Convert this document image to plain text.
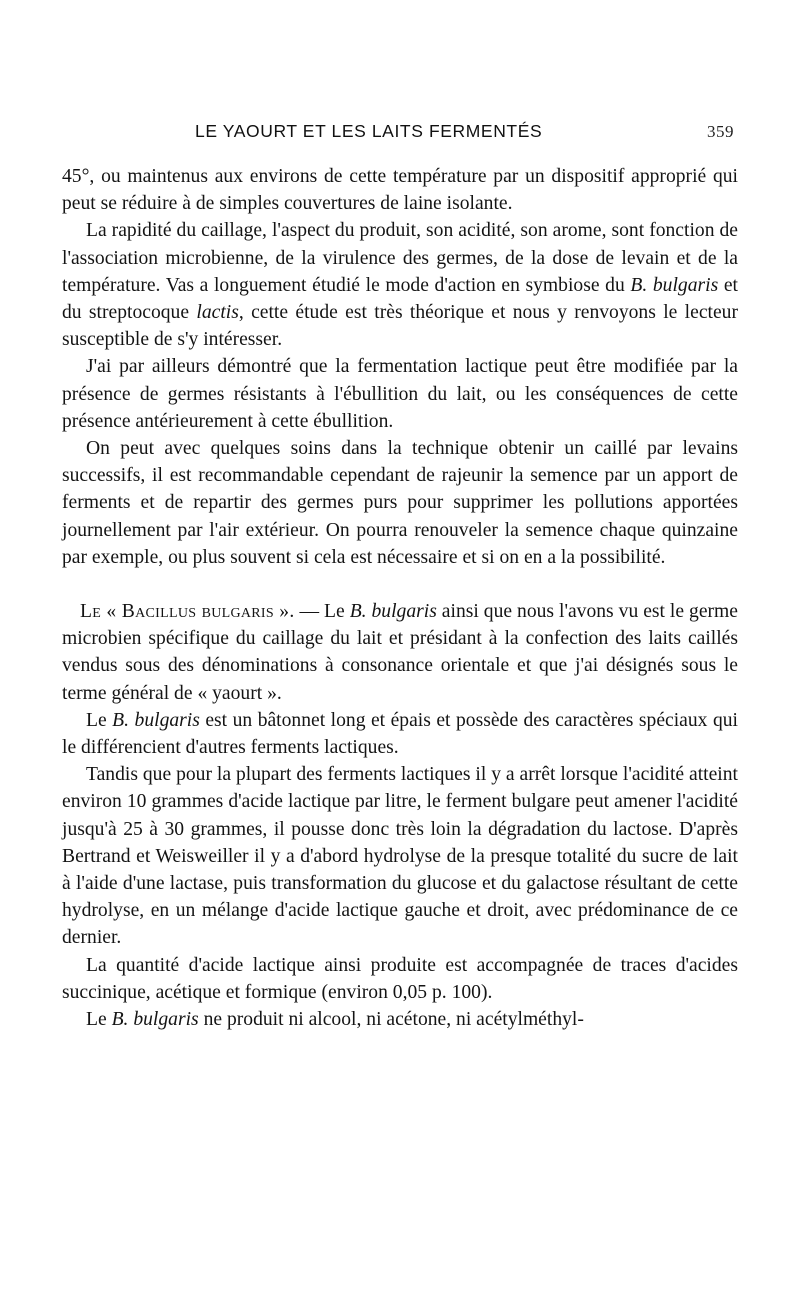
LE YAOURT ET LES LAITS FERMENTÉS	359

45°, ou maintenus aux environs de cette température par un dispositif approprié qui peut se réduire à de simples couvertures de laine isolante.

La rapidité du caillage, l'aspect du produit, son acidité, son arome, sont fonction de l'association microbienne, de la virulence des germes, de la dose de levain et de la température. Vas a longuement étudié le mode d'action en symbiose du B. bulgaris et du streptocoque lactis, cette étude est très théorique et nous y renvoyons le lecteur susceptible de s'y intéresser.

J'ai par ailleurs démontré que la fermentation lactique peut être modifiée par la présence de germes résistants à l'ébullition du lait, ou les conséquences de cette présence antérieurement à cette ébullition.

On peut avec quelques soins dans la technique obtenir un caillé par levains successifs, il est recommandable cependant de rajeunir la semence par un apport de ferments et de repartir des germes purs pour supprimer les pollutions apportées journellement par l'air extérieur. On pourra renouveler la semence chaque quinzaine par exemple, ou plus souvent si cela est nécessaire et si on en a la possibilité.

Le « Bacillus bulgaris ». — Le B. bulgaris ainsi que nous l'avons vu est le germe microbien spécifique du caillage du lait et présidant à la confection des laits caillés vendus sous des dénominations à consonance orientale et que j'ai désignés sous le terme général de « yaourt ».

Le B. bulgaris est un bâtonnet long et épais et possède des caractères spéciaux qui le différencient d'autres ferments lactiques.

Tandis que pour la plupart des ferments lactiques il y a arrêt lorsque l'acidité atteint environ 10 grammes d'acide lactique par litre, le ferment bulgare peut amener l'acidité jusqu'à 25 à 30 grammes, il pousse donc très loin la dégradation du lactose. D'après Bertrand et Weisweiller il y a d'abord hydrolyse de la presque totalité du sucre de lait à l'aide d'une lactase, puis transformation du glucose et du galactose résultant de cette hydrolyse, en un mélange d'acide lactique gauche et droit, avec prédominance de ce dernier.

La quantité d'acide lactique ainsi produite est accompagnée de traces d'acides succinique, acétique et formique (environ 0,05 p. 100).

Le B. bulgaris ne produit ni alcool, ni acétone, ni acétylméthyl-
